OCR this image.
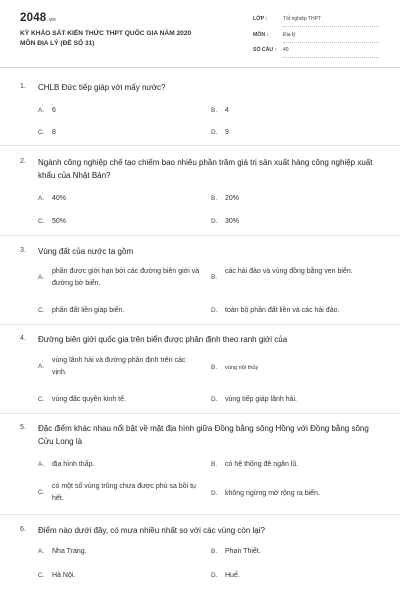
2048.vn
KỲ KHẢO SÁT KIẾN THỨC THPT QUỐC GIA NĂM 2020
MÔN ĐỊA LÝ (ĐỀ SỐ 31)
LỚP :	Tốt nghiệp THPT
MÔN :	Địa lý
SỐ CÂU : 40
1. CHLB Đức tiếp giáp với mấy nước?
A. 6	B. 4
C. 8	D. 9
2. Ngành công nghiệp chế tạo chiếm bao nhiêu phần trăm giá trị sản xuất hàng công nghiệp xuất khẩu của Nhật Bản?
A. 40%	B. 20%
C. 50%	D. 30%
3. Vùng đất của nước ta gồm
A.
phần được giới hạn bởi các đường biên giới và đường bờ biển.
B.
các hải đảo và vùng đồng bằng ven biển.
C. phần đất liền giáp biển.	D. toàn bộ phần đất liền và các hải đảo.
4. Đường biên giới quốc gia trên biển được phân định theo ranh giới của
A.
vùng lãnh hải và đường phân định trên các vịnh.
B. vùng nội thủy
C. vùng đặc quyền kinh tế.	D. vùng tiếp giáp lãnh hải.
5. Đặc điểm khác nhau nổi bật về mặt địa hình giữa Đồng bằng sông Hồng với Đồng bằng sông Cửu Long là
A. địa hình thấp.	B. có hệ thống đê ngăn lũ.
C.
có một số vùng trũng chưa được phù sa bồi tụ hết.
D. không ngừng mở rộng ra biển.
6. Điểm nào dưới đây, có mưa nhiều nhất so với các vùng còn lại?
A. Nha Trang.	B. Phan Thiết.
C. Hà Nội.	D. Huế.
